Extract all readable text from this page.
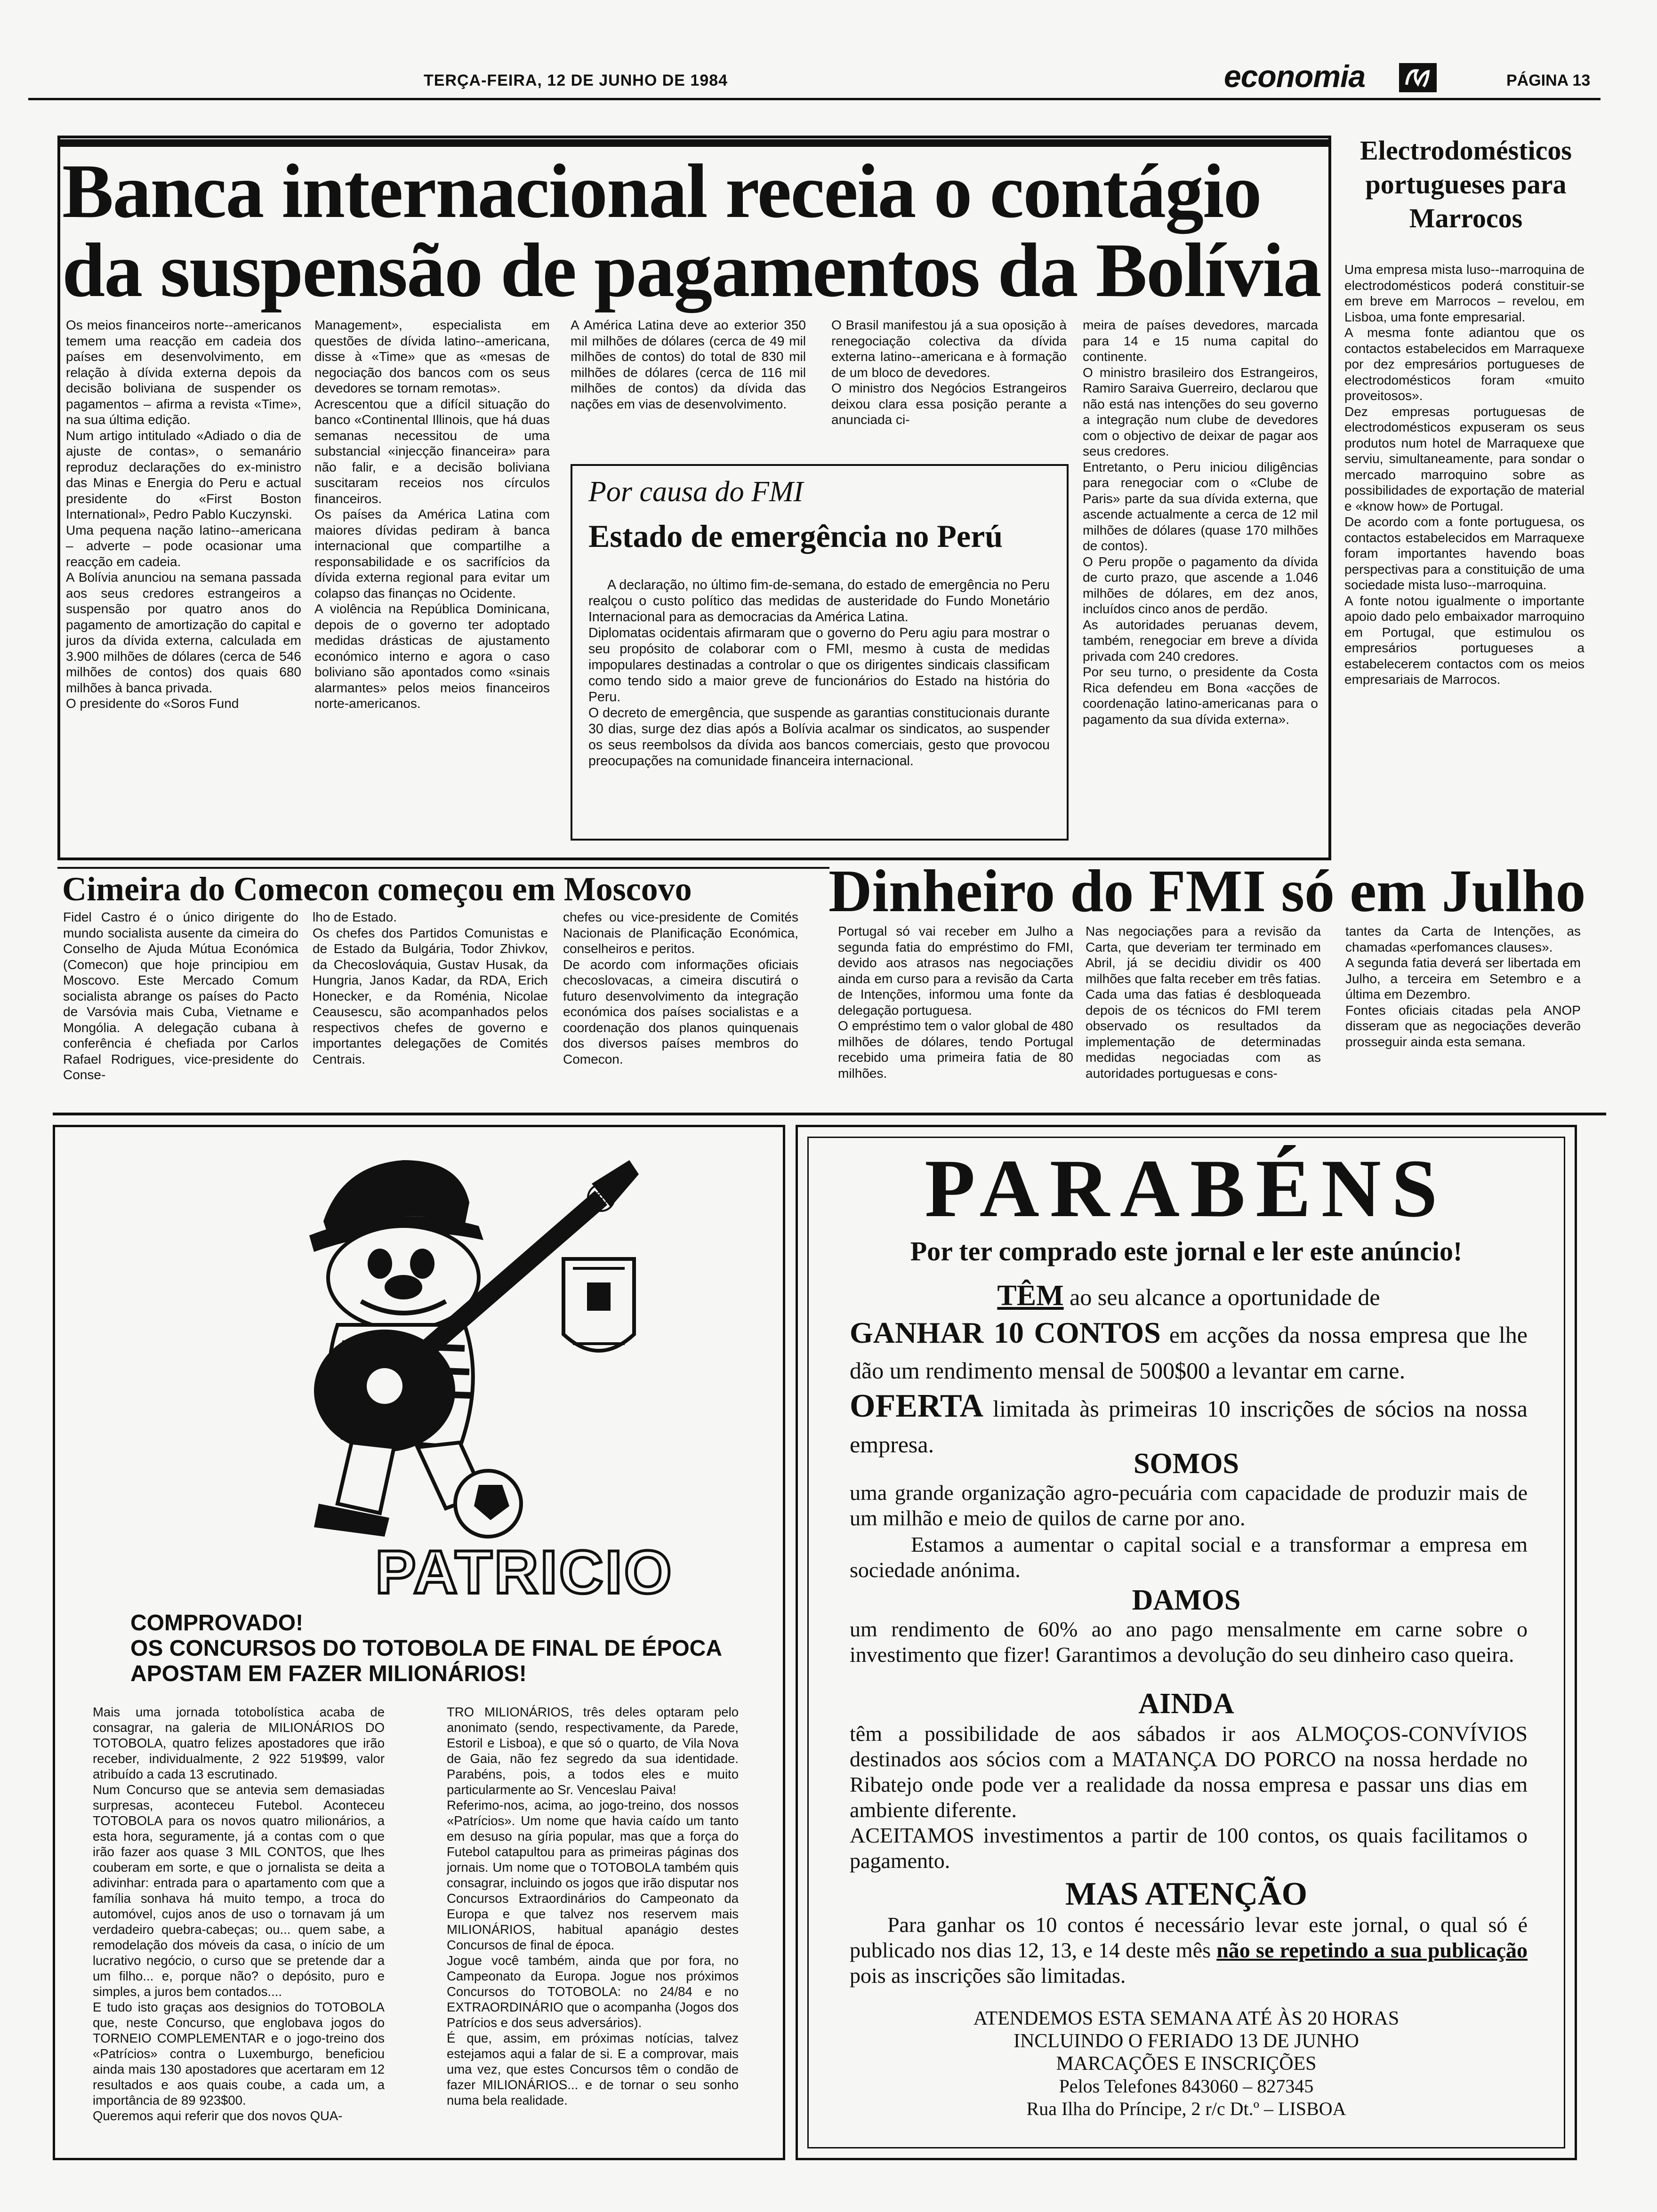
TERÇA-FEIRA, 12 DE JUNHO DE 1984	economia	PÁGINA 13
Banca internacional receia o contágio
da suspensão de pagamentos da Bolívia
Os meios financeiros norte--americanos temem uma reacção em cadeia dos países em desenvolvimento, em relação à dívida externa depois da decisão boliviana de suspender os pagamentos – afirma a revista «Time», na sua última edição.
Num artigo intitulado «Adiado o dia de ajuste de contas», o semanário reproduz declarações do ex-ministro das Minas e Energia do Peru e actual presidente do «First Boston International», Pedro Pablo Kuczynski.
Uma pequena nação latino--americana – adverte – pode ocasionar uma reacção em cadeia.
A Bolívia anunciou na semana passada aos seus credores estrangeiros a suspensão por quatro anos do pagamento de amortização do capital e juros da dívida externa, calculada em 3.900 milhões de dólares (cerca de 546 milhões de contos) dos quais 680 milhões à banca privada.
O presidente do «Soros Fund
Management», especialista em questões de dívida latino--americana, disse à «Time» que as «mesas de negociação dos bancos com os seus devedores se tornam remotas».
Acrescentou que a difícil situação do banco «Continental Illinois, que há duas semanas necessitou de uma substancial «injecção financeira» para não falir, e a decisão boliviana suscitaram receios nos círculos financeiros.
Os países da América Latina com maiores dívidas pediram à banca internacional que compartilhe a responsabilidade e os sacrifícios da dívida externa regional para evitar um colapso das finanças no Ocidente.
A violência na República Dominicana, depois de o governo ter adoptado medidas drásticas de ajustamento económico interno e agora o caso boliviano são apontados como «sinais alarmantes» pelos meios financeiros norte-americanos.
A América Latina deve ao exterior 350 mil milhões de dólares (cerca de 49 mil milhões de contos) do total de 830 mil milhões de dólares (cerca de 116 mil milhões de contos) da dívida das nações em vias de desenvolvimento.
O Brasil manifestou já a sua oposição à renegociação colectiva da dívida externa latino--americana e à formação de um bloco de devedores.
O ministro dos Negócios Estrangeiros deixou clara essa posição perante a anunciada ci-
meira de países devedores, marcada para 14 e 15 numa capital do continente.
O ministro brasileiro dos Estrangeiros, Ramiro Saraiva Guerreiro, declarou que não está nas intenções do seu governo a integração num clube de devedores com o objectivo de deixar de pagar aos seus credores.
Entretanto, o Peru iniciou diligências para renegociar com o «Clube de Paris» parte da sua dívida externa, que ascende actualmente a cerca de 12 mil milhões de dólares (quase 170 milhões de contos).
O Peru propõe o pagamento da dívida de curto prazo, que ascende a 1.046 milhões de dólares, em dez anos, incluídos cinco anos de perdão.
As autoridades peruanas devem, também, renegociar em breve a dívida privada com 240 credores.
Por seu turno, o presidente da Costa Rica defendeu em Bona «acções de coordenação latino-americanas para o pagamento da sua dívida externa».
Por causa do FMI
Estado de emergência no Perú
A declaração, no último fim-de-semana, do estado de emergência no Peru realçou o custo político das medidas de austeridade do Fundo Monetário Internacional para as democracias da América Latina.
Diplomatas ocidentais afirmaram que o governo do Peru agiu para mostrar o seu propósito de colaborar com o FMI, mesmo à custa de medidas impopulares destinadas a controlar o que os dirigentes sindicais classificam como tendo sido a maior greve de funcionários do Estado na história do Peru.
O decreto de emergência, que suspende as garantias constitucionais durante 30 dias, surge dez dias após a Bolívia acalmar os sindicatos, ao suspender os seus reembolsos da dívida aos bancos comerciais, gesto que provocou preocupações na comunidade financeira internacional.
Electrodomésticos portugueses para Marrocos
Uma empresa mista luso--marroquina de electrodomésticos poderá constituir-se em breve em Marrocos – revelou, em Lisboa, uma fonte empresarial.
A mesma fonte adiantou que os contactos estabelecidos em Marraquexe por dez empresários portugueses de electrodomésticos foram «muito proveitosos».
Dez empresas portuguesas de electrodomésticos expuseram os seus produtos num hotel de Marraquexe que serviu, simultaneamente, para sondar o mercado marroquino sobre as possibilidades de exportação de material e «know how» de Portugal.
De acordo com a fonte portuguesa, os contactos estabelecidos em Marraquexe foram importantes havendo boas perspectivas para a constituição de uma sociedade mista luso--marroquina.
A fonte notou igualmente o importante apoio dado pelo embaixador marroquino em Portugal, que estimulou os empresários portugueses a estabelecerem contactos com os meios empresariais de Marrocos.
Cimeira do Comecon começou em Moscovo
Fidel Castro é o único dirigente do mundo socialista ausente da cimeira do Conselho de Ajuda Mútua Económica (Comecon) que hoje principiou em Moscovo. Este Mercado Comum socialista abrange os países do Pacto de Varsóvia mais Cuba, Vietname e Mongólia. A delegação cubana à conferência é chefiada por Carlos Rafael Rodrigues, vice-presidente do Conse-
lho de Estado.
Os chefes dos Partidos Comunistas e de Estado da Bulgária, Todor Zhivkov, da Checoslováquia, Gustav Husak, da Hungria, Janos Kadar, da RDA, Erich Honecker, e da Roménia, Nicolae Ceausescu, são acompanhados pelos respectivos chefes de governo e importantes delegações de Comités Centrais.
chefes ou vice-presidente de Comités Nacionais de Planificação Económica, conselheiros e peritos.
De acordo com informações oficiais checoslovacas, a cimeira discutirá o futuro desenvolvimento da integração económica dos países socialistas e a coordenação dos planos quinquenais dos diversos países membros do Comecon.
Dinheiro do FMI só em Julho
Portugal só vai receber em Julho a segunda fatia do empréstimo do FMI, devido aos atrasos nas negociações ainda em curso para a revisão da Carta de Intenções, informou uma fonte da delegação portuguesa.
O empréstimo tem o valor global de 480 milhões de dólares, tendo Portugal recebido uma primeira fatia de 80 milhões.
Nas negociações para a revisão da Carta, que deveriam ter terminado em Abril, já se decidiu dividir os 400 milhões que falta receber em três fatias. Cada uma das fatias é desbloqueada depois de os técnicos do FMI terem observado os resultados da implementação de determinadas medidas negociadas com as autoridades portuguesas e cons-
tantes da Carta de Intenções, as chamadas «perfomances clauses».
A segunda fatia deverá ser libertada em Julho, a terceira em Setembro e a última em Dezembro.
Fontes oficiais citadas pela ANOP disseram que as negociações deverão prosseguir ainda esta semana.
®
PATRICIO
COMPROVADO!
OS CONCURSOS DO TOTOBOLA DE FINAL DE ÉPOCA
APOSTAM EM FAZER MILIONÁRIOS!
Mais uma jornada totobolística acaba de consagrar, na galeria de MILIONÁRIOS DO TOTOBOLA, quatro felizes apostadores que irão receber, individualmente, 2 922 519$99, valor atribuído a cada 13 escrutinado.
Num Concurso que se antevia sem demasiadas surpresas, aconteceu Futebol. Aconteceu TOTOBOLA para os novos quatro milionários, a esta hora, seguramente, já a contas com o que irão fazer aos quase 3 MIL CONTOS, que lhes couberam em sorte, e que o jornalista se deita a adivinhar: entrada para o apartamento com que a família sonhava há muito tempo, a troca do automóvel, cujos anos de uso o tornavam já um verdadeiro quebra-cabeças; ou... quem sabe, a remodelação dos móveis da casa, o início de um lucrativo negócio, o curso que se pretende dar a um filho... e, porque não? o depósito, puro e simples, a juros bem contados....
E tudo isto graças aos designios do TOTOBOLA que, neste Concurso, que englobava jogos do TORNEIO COMPLEMENTAR e o jogo-treino dos «Patrícios» contra o Luxemburgo, beneficiou ainda mais 130 apostadores que acertaram em 12 resultados e aos quais coube, a cada um, a importância de 89 923$00.
Queremos aqui referir que dos novos QUA-
TRO MILIONÁRIOS, três deles optaram pelo anonimato (sendo, respectivamente, da Parede, Estoril e Lisboa), e que só o quarto, de Vila Nova de Gaia, não fez segredo da sua identidade. Parabéns, pois, a todos eles e muito particularmente ao Sr. Venceslau Paiva!
Referimo-nos, acima, ao jogo-treino, dos nossos «Patrícios». Um nome que havia caído um tanto em desuso na gíria popular, mas que a força do Futebol catapultou para as primeiras páginas dos jornais. Um nome que o TOTOBOLA também quis consagrar, incluindo os jogos que irão disputar nos Concursos Extraordinários do Campeonato da Europa e que talvez nos reservem mais MILIONÁRIOS, habitual apanágio destes Concursos de final de época.
Jogue você também, ainda que por fora, no Campeonato da Europa. Jogue nos próximos Concursos do TOTOBOLA: no 24/84 e no EXTRAORDINÁRIO que o acompanha (Jogos dos Patrícios e dos seus adversários).
É que, assim, em próximas notícias, talvez estejamos aqui a falar de si. E a comprovar, mais uma vez, que estes Concursos têm o condão de fazer MILIONÁRIOS... e de tornar o seu sonho numa bela realidade.
PARABÉNS
Por ter comprado este jornal e ler este anúncio!
TÊM ao seu alcance a oportunidade de
GANHAR 10 CONTOS em acções da nossa empresa que lhe dão um rendimento mensal de 500$00 a levantar em carne.
OFERTA limitada às primeiras 10 inscrições de sócios na nossa empresa.
SOMOS
uma grande organização agro-pecuária com capacidade de produzir mais de um milhão e meio de quilos de carne por ano.
Estamos a aumentar o capital social e a transformar a empresa em sociedade anónima.
DAMOS
um rendimento de 60% ao ano pago mensalmente em carne sobre o investimento que fizer! Garantimos a devolução do seu dinheiro caso queira.
AINDA
têm a possibilidade de aos sábados ir aos ALMOÇOS-CONVÍVIOS destinados aos sócios com a MATANÇA DO PORCO na nossa herdade no Ribatejo onde pode ver a realidade da nossa empresa e passar uns dias em ambiente diferente.
ACEITAMOS investimentos a partir de 100 contos, os quais facilitamos o pagamento.
MAS ATENÇÃO
Para ganhar os 10 contos é necessário levar este jornal, o qual só é publicado nos dias 12, 13, e 14 deste mês não se repetindo a sua publicação pois as inscrições são limitadas.
ATENDEMOS ESTA SEMANA ATÉ ÀS 20 HORAS
INCLUINDO O FERIADO 13 DE JUNHO
MARCAÇÕES E INSCRIÇÕES
Pelos Telefones 843060 – 827345
Rua Ilha do Príncipe, 2 r/c Dt.º – LISBOA
